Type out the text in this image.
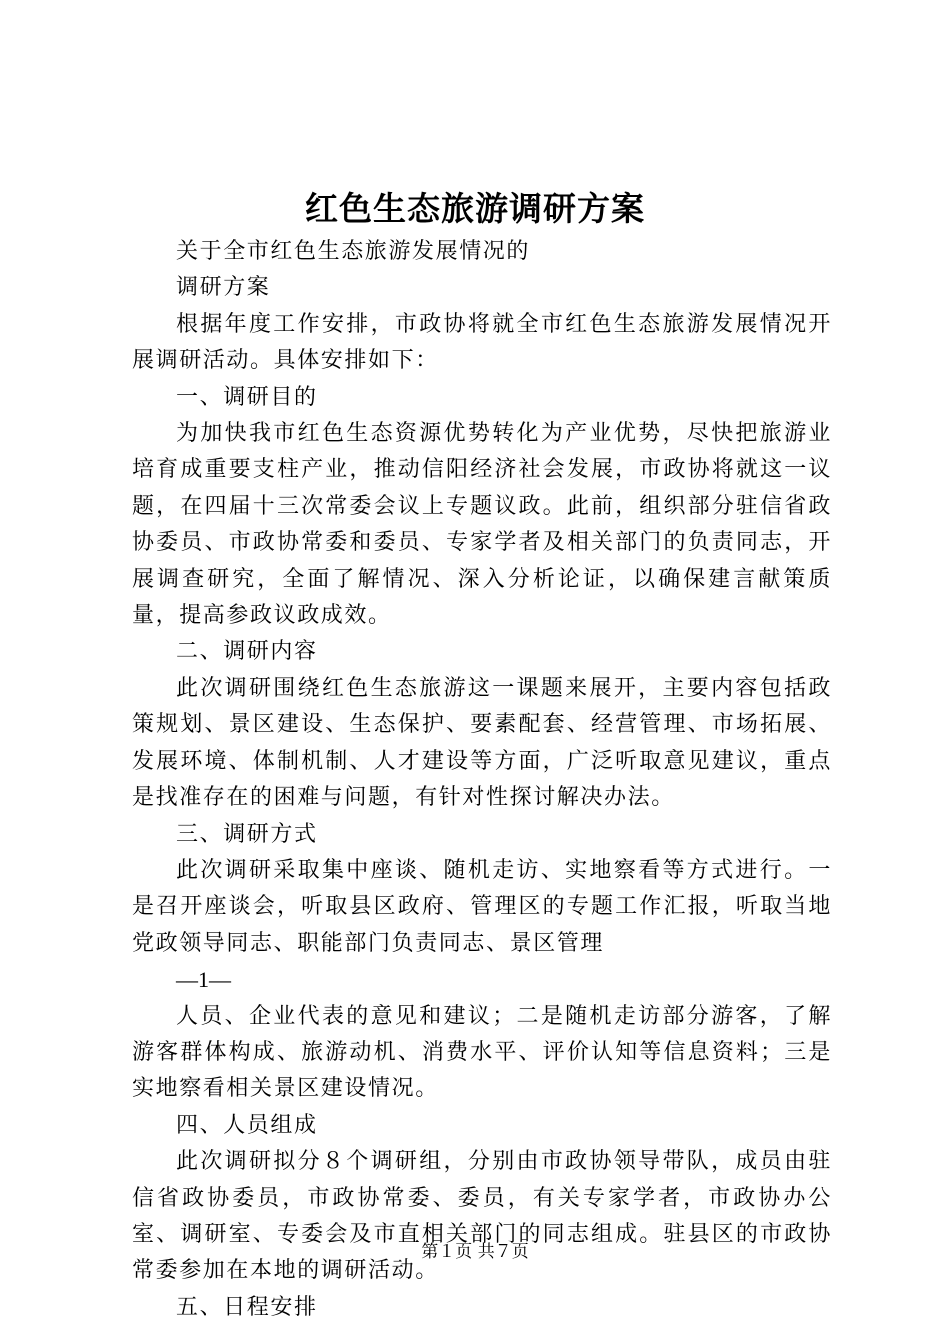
红色生态旅游调研方案

关于全市红色生态旅游发展情况的

调研方案

根据年度工作安排，市政协将就全市红色生态旅游发展情况开展调研活动。具体安排如下：

一、调研目的

为加快我市红色生态资源优势转化为产业优势，尽快把旅游业培育成重要支柱产业，推动信阳经济社会发展，市政协将就这一议题，在四届十三次常委会议上专题议政。此前，组织部分驻信省政协委员、市政协常委和委员、专家学者及相关部门的负责同志，开展调查研究，全面了解情况、深入分析论证，以确保建言献策质量，提高参政议政成效。

二、调研内容

此次调研围绕红色生态旅游这一课题来展开，主要内容包括政策规划、景区建设、生态保护、要素配套、经营管理、市场拓展、发展环境、体制机制、人才建设等方面，广泛听取意见建议，重点是找准存在的困难与问题，有针对性探讨解决办法。

三、调研方式

此次调研采取集中座谈、随机走访、实地察看等方式进行。一是召开座谈会，听取县区政府、管理区的专题工作汇报，听取当地党政领导同志、职能部门负责同志、景区管理

—1—

人员、企业代表的意见和建议；二是随机走访部分游客，了解游客群体构成、旅游动机、消费水平、评价认知等信息资料；三是实地察看相关景区建设情况。

四、人员组成

此次调研拟分８个调研组，分别由市政协领导带队，成员由驻信省政协委员，市政协常委、委员，有关专家学者，市政协办公室、调研室、专委会及市直相关部门的同志组成。驻县区的市政协常委参加在本地的调研活动。

五、日程安排

第１页 共７页
